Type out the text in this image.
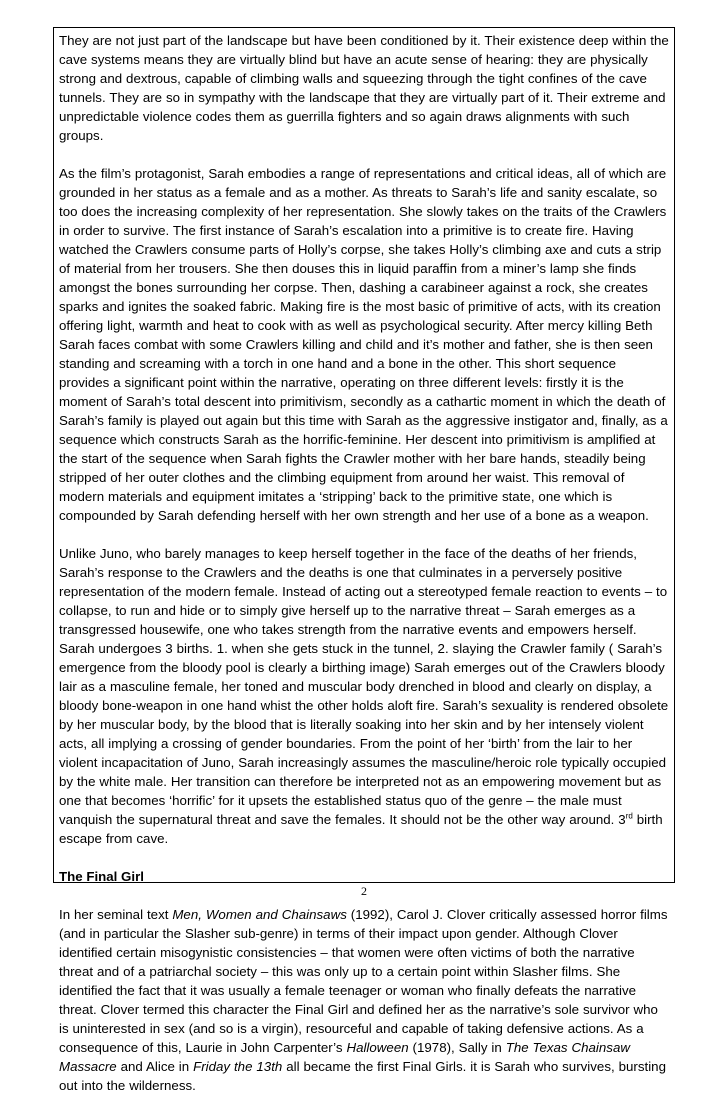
They are not just part of the landscape but have been conditioned by it. Their existence deep within the cave systems means they are virtually blind but have an acute sense of hearing: they are physically strong and dextrous, capable of climbing walls and squeezing through the tight confines of the cave tunnels. They are so in sympathy with the landscape that they are virtually part of it. Their extreme and unpredictable violence codes them as guerrilla fighters and so again draws alignments with such groups.

As the film’s protagonist, Sarah embodies a range of representations and critical ideas, all of which are grounded in her status as a female and as a mother. As threats to Sarah’s life and sanity escalate, so too does the increasing complexity of her representation. She slowly takes on the traits of the Crawlers in order to survive. The first instance of Sarah’s escalation into a primitive is to create fire. Having watched the Crawlers consume parts of Holly’s corpse, she takes Holly’s climbing axe and cuts a strip of material from her trousers. She then douses this in liquid paraffin from a miner’s lamp she finds amongst the bones surrounding her corpse. Then, dashing a carabineer against a rock, she creates sparks and ignites the soaked fabric. Making fire is the most basic of primitive of acts, with its creation offering light, warmth and heat to cook with as well as psychological security. After mercy killing Beth Sarah faces combat with some Crawlers killing and child and it’s mother and father, she is then seen standing and screaming with a torch in one hand and a bone in the other. This short sequence provides a significant point within the narrative, operating on three different levels: firstly it is the moment of Sarah’s total descent into primitivism, secondly as a cathartic moment in which the death of Sarah’s family is played out again but this time with Sarah as the aggressive instigator and, finally, as a sequence which constructs Sarah as the horrific-feminine. Her descent into primitivism is amplified at the start of the sequence when Sarah fights the Crawler mother with her bare hands, steadily being stripped of her outer clothes and the climbing equipment from around her waist. This removal of modern materials and equipment imitates a ‘stripping’ back to the primitive state, one which is compounded by Sarah defending herself with her own strength and her use of a bone as a weapon.

Unlike Juno, who barely manages to keep herself together in the face of the deaths of her friends, Sarah’s response to the Crawlers and the deaths is one that culminates in a perversely positive representation of the modern female. Instead of acting out a stereotyped female reaction to events – to collapse, to run and hide or to simply give herself up to the narrative threat – Sarah emerges as a transgressed housewife, one who takes strength from the narrative events and empowers herself. Sarah undergoes 3 births. 1. when she gets stuck in the tunnel, 2. slaying the Crawler family ( Sarah’s emergence from the bloody pool is clearly a birthing image) Sarah emerges out of the Crawlers bloody lair as a masculine female, her toned and muscular body drenched in blood and clearly on display, a bloody bone-weapon in one hand whist the other holds aloft fire. Sarah’s sexuality is rendered obsolete by her muscular body, by the blood that is literally soaking into her skin and by her intensely violent acts, all implying a crossing of gender boundaries. From the point of her ‘birth’ from the lair to her violent incapacitation of Juno, Sarah increasingly assumes the masculine/heroic role typically occupied by the white male. Her transition can therefore be interpreted not as an empowering movement but as one that becomes ‘horrific’ for it upsets the established status quo of the genre – the male must vanquish the supernatural threat and save the females. It should not be the other way around. 3rd birth escape from cave.

The Final Girl

In her seminal text Men, Women and Chainsaws (1992), Carol J. Clover critically assessed horror films (and in particular the Slasher sub-genre) in terms of their impact upon gender. Although Clover identified certain misogynistic consistencies – that women were often victims of both the narrative threat and of a patriarchal society – this was only up to a certain point within Slasher films. She identified the fact that it was usually a female teenager or woman who finally defeats the narrative threat. Clover termed this character the Final Girl and defined her as the narrative’s sole survivor who is uninterested in sex (and so is a virgin), resourceful and capable of taking defensive actions. As a consequence of this, Laurie in John Carpenter’s Halloween (1978), Sally in The Texas Chainsaw Massacre and Alice in Friday the 13th all became the first Final Girls. it is Sarah who survives, bursting out into the wilderness.

2
